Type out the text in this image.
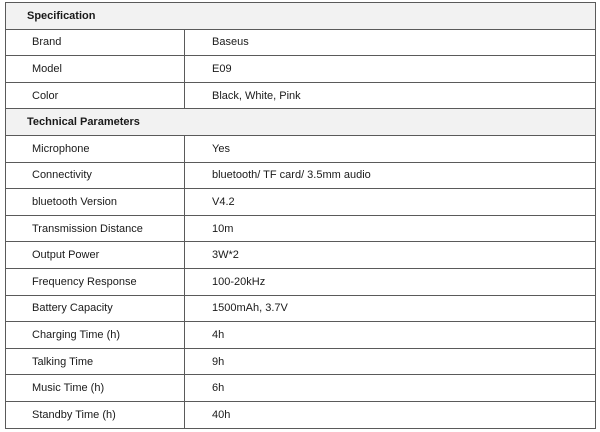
Specification	
Brand	Baseus
Model	E09
Color	Black, White, Pink
Technical Parameters	
Microphone	Yes
Connectivity	bluetooth/ TF card/ 3.5mm audio
bluetooth Version	V4.2
Transmission Distance	10m
Output Power	3W*2
Frequency Response	100-20kHz
Battery Capacity	1500mAh, 3.7V
Charging Time (h)	4h
Talking Time	9h
Music Time (h)	6h
Standby Time (h)	40h
